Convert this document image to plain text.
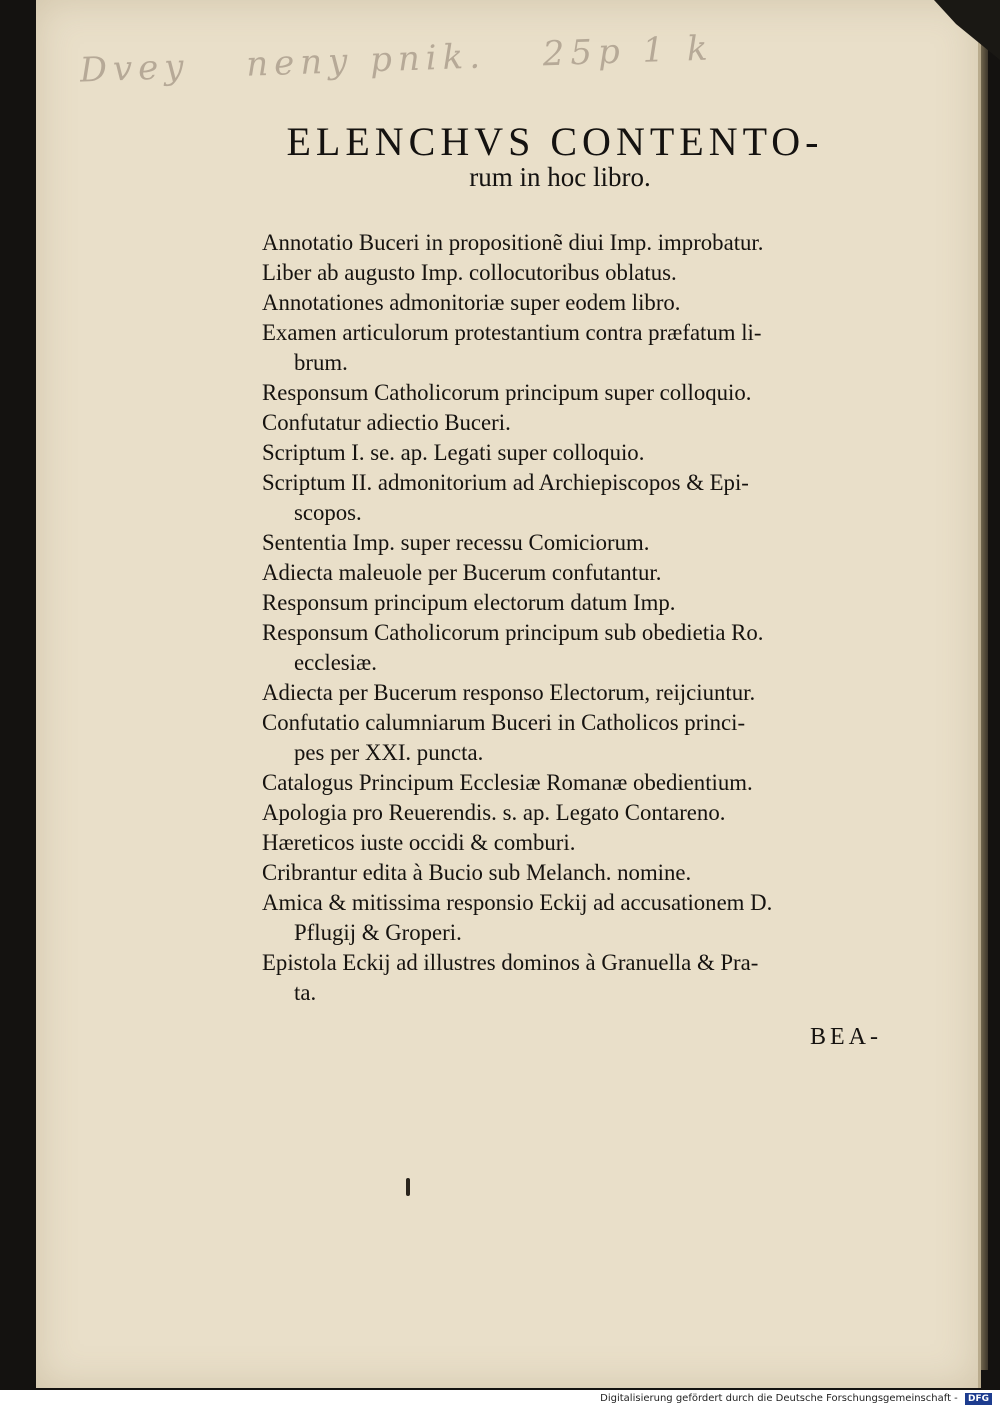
Dvey neny pnik. 25p 1 k
ELENCHVS CONTENTO-
rum in hoc libro.
Annotatio Buceri in propositionẽ diui Imp. improbatur.
Liber ab augusto Imp. collocutoribus oblatus.
Annotationes admonitoriæ super eodem libro.
Examen articulorum protestantium contra præfatum li-
brum.
Responsum Catholicorum principum super colloquio.
Confutatur adiectio Buceri.
Scriptum I. se. ap. Legati super colloquio.
Scriptum II. admonitorium ad Archiepiscopos & Epi-
scopos.
Sententia Imp. super recessu Comiciorum.
Adiecta maleuole per Bucerum confutantur.
Responsum principum electorum datum Imp.
Responsum Catholicorum principum sub obedietia Ro.
ecclesiæ.
Adiecta per Bucerum responso Electorum, reijciuntur.
Confutatio calumniarum Buceri in Catholicos princi-
pes per XXI. puncta.
Catalogus Principum Ecclesiæ Romanæ obedientium.
Apologia pro Reuerendis. s. ap. Legato Contareno.
Hæreticos iuste occidi & comburi.
Cribrantur edita à Bucio sub Melanch. nomine.
Amica & mitissima responsio Eckij ad accusationem D.
Pflugij & Groperi.
Epistola Eckij ad illustres dominos à Granuella & Pra-
ta.
BEA-
Digitalisierung gefördert durch die Deutsche Forschungsgemeinschaft - DFG
